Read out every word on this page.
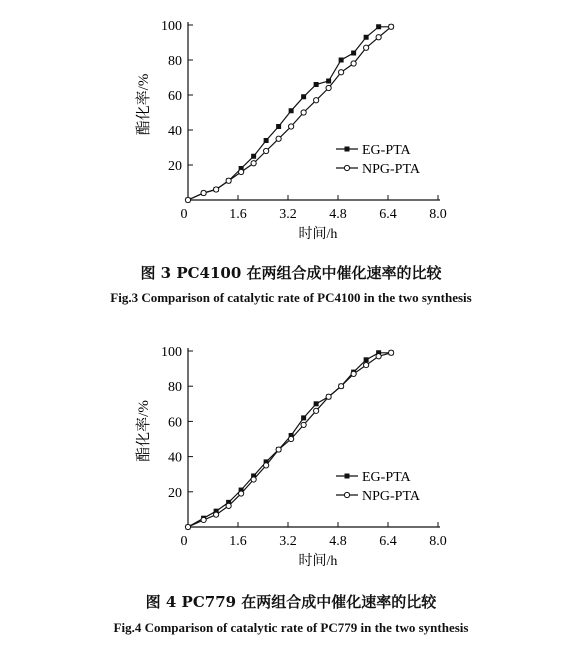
20
40
60
80
100
0	1.6 3.2 4.8 6.4 8.0
时间/h
酯化率/%
EG-PTA
NPG-PTA
图 3 PC4100 在两组合成中催化速率的比较
Fig.3 Comparison of catalytic rate of PC4100 in the two synthesis
20
40
60
80
100
0	1.6 3.2 4.8 6.4 8.0
时间/h
酯化率/%
EG-PTA
NPG-PTA
图 4 PC779 在两组合成中催化速率的比较
Fig.4 Comparison of catalytic rate of PC779 in the two synthesis
